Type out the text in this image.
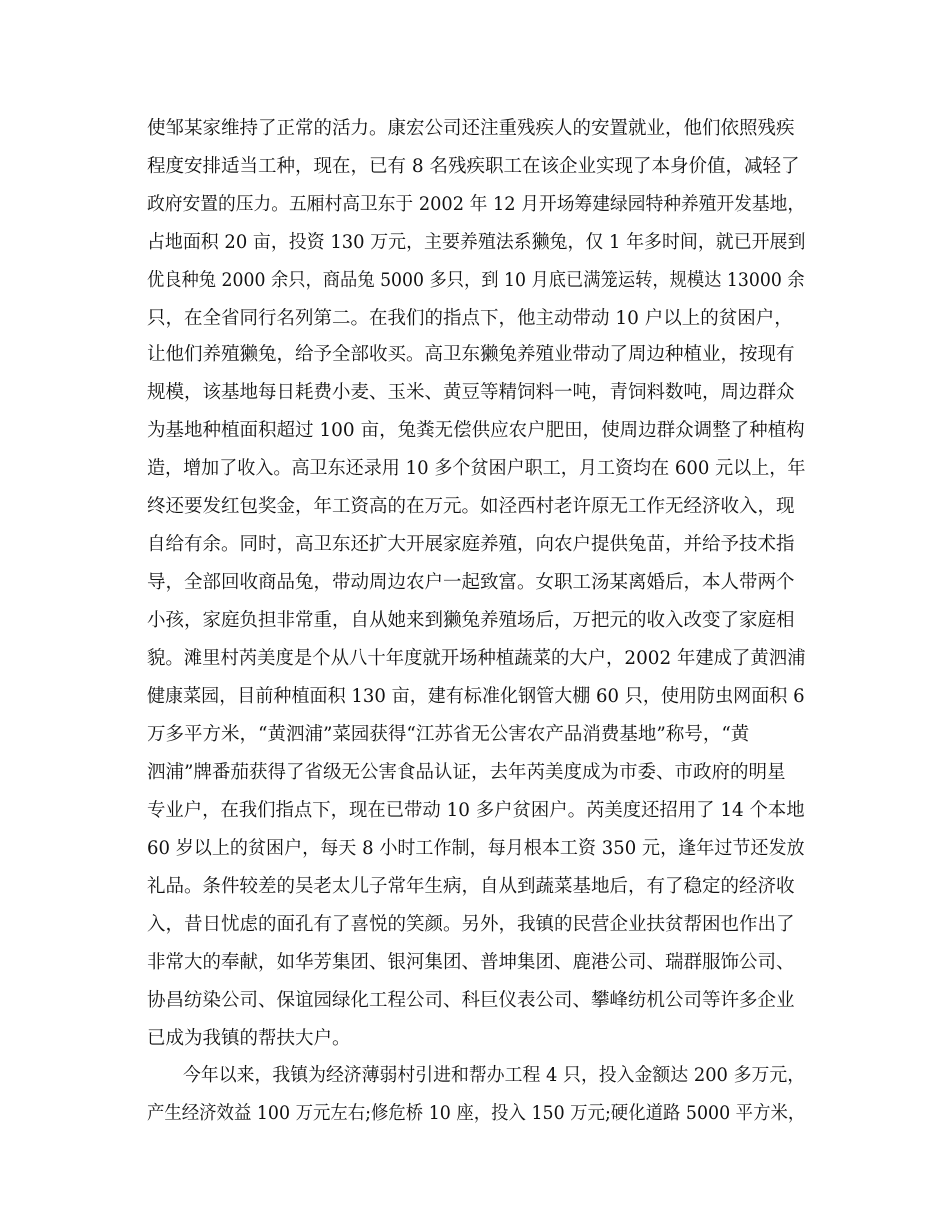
使邹某家维持了正常的活力。康宏公司还注重残疾人的安置就业，他们依照残疾
程度安排适当工种，现在，已有 8 名残疾职工在该企业实现了本身价值，减轻了
政府安置的压力。五厢村高卫东于 2002 年 12 月开场筹建绿园特种养殖开发基地，
占地面积 20 亩，投资 130 万元，主要养殖法系獭兔，仅 1 年多时间，就已开展到
优良种兔 2000 余只，商品兔 5000 多只，到 10 月底已满笼运转，规模达 13000 余
只，在全省同行名列第二。在我们的指点下，他主动带动 10 户以上的贫困户，
让他们养殖獭兔，给予全部收买。高卫东獭兔养殖业带动了周边种植业，按现有
规模，该基地每日耗费小麦、玉米、黄豆等精饲料一吨，青饲料数吨，周边群众
为基地种植面积超过 100 亩，兔粪无偿供应农户肥田，使周边群众调整了种植构
造，增加了收入。高卫东还录用 10 多个贫困户职工，月工资均在 600 元以上，年
终还要发红包奖金，年工资高的在万元。如泾西村老许原无工作无经济收入，现
自给有余。同时，高卫东还扩大开展家庭养殖，向农户提供兔苗，并给予技术指
导，全部回收商品兔，带动周边农户一起致富。女职工汤某离婚后，本人带两个
小孩，家庭负担非常重，自从她来到獭兔养殖场后，万把元的收入改变了家庭相
貌。滩里村芮美度是个从八十年度就开场种植蔬菜的大户，2002 年建成了黄泗浦
健康菜园，目前种植面积 130 亩，建有标准化钢管大棚 60 只，使用防虫网面积 6
万多平方米，“黄泗浦”菜园获得“江苏省无公害农产品消费基地”称号，“黄
泗浦”牌番茄获得了省级无公害食品认证，去年芮美度成为市委、市政府的明星
专业户，在我们指点下，现在已带动 10 多户贫困户。芮美度还招用了 14 个本地
60 岁以上的贫困户，每天 8 小时工作制，每月根本工资 350 元，逢年过节还发放
礼品。条件较差的吴老太儿子常年生病，自从到蔬菜基地后，有了稳定的经济收
入，昔日忧虑的面孔有了喜悦的笑颜。另外，我镇的民营企业扶贫帮困也作出了
非常大的奉献，如华芳集团、银河集团、普坤集团、鹿港公司、瑞群服饰公司、
协昌纺染公司、保谊园绿化工程公司、科巨仪表公司、攀峰纺机公司等许多企业
已成为我镇的帮扶大户。
今年以来，我镇为经济薄弱村引进和帮办工程 4 只，投入金额达 200 多万元，
产生经济效益 100 万元左右;修危桥 10 座，投入 150 万元;硬化道路 5000 平方米，
